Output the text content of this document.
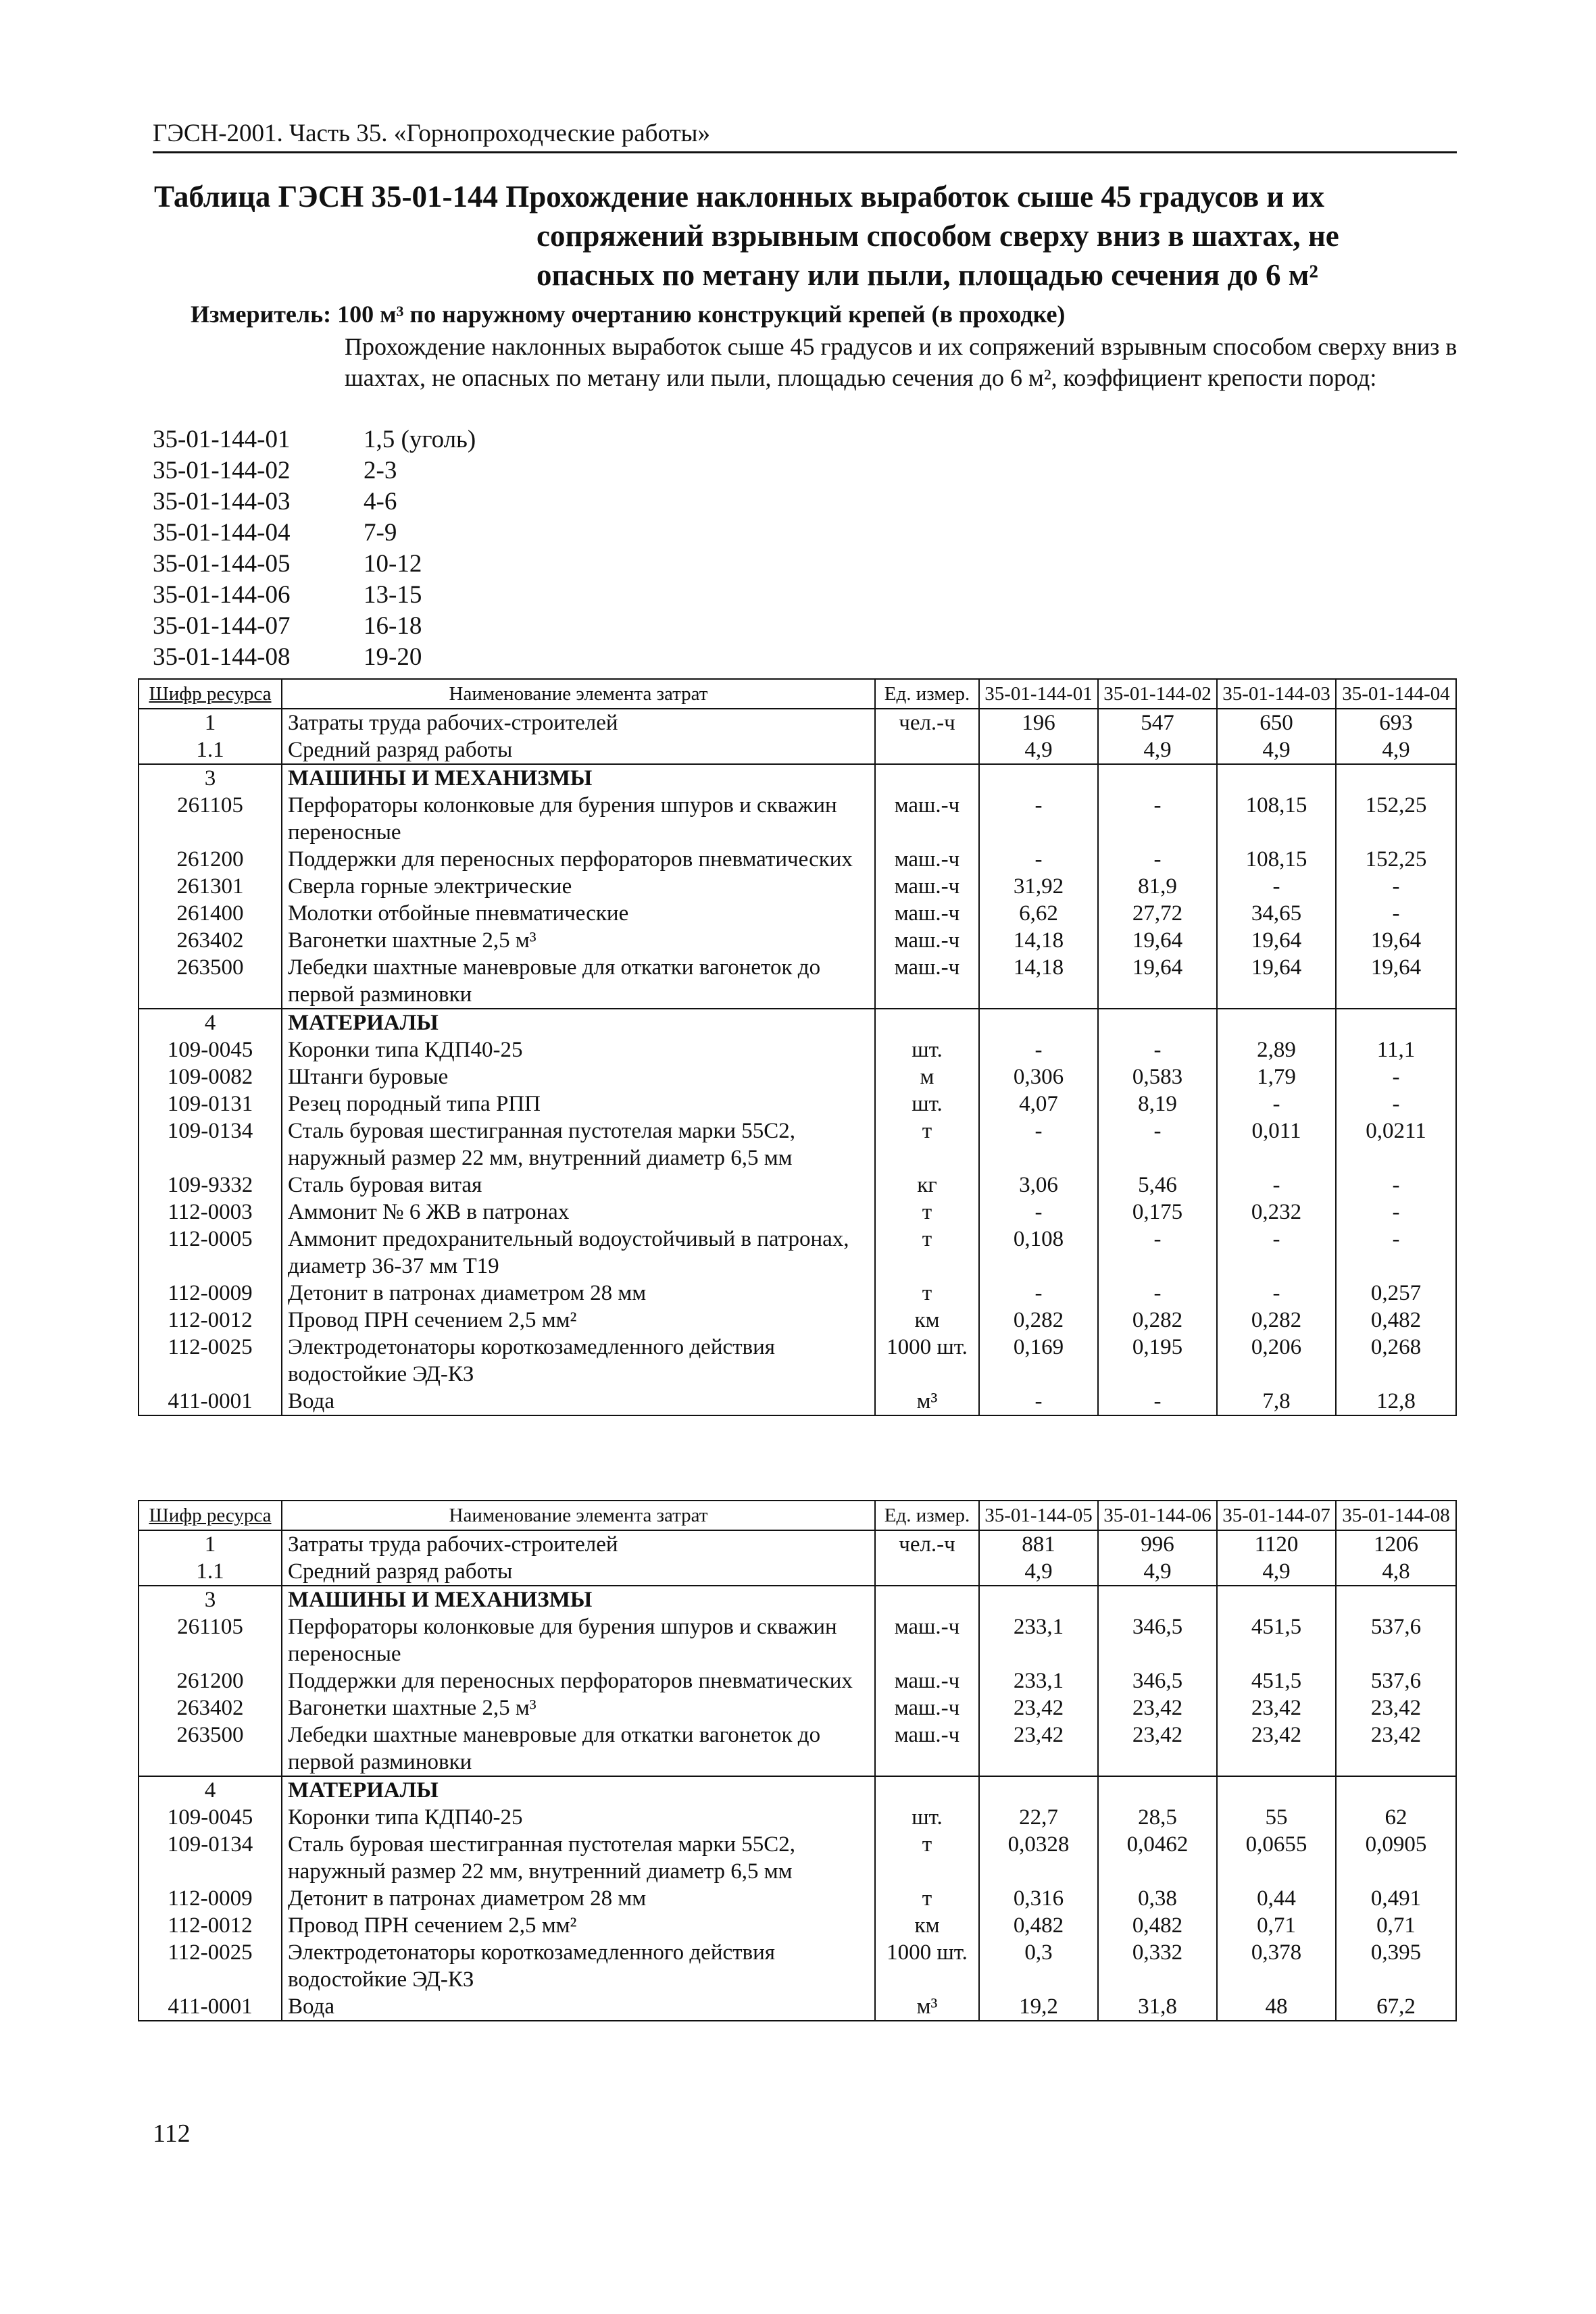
ГЭСН-2001. Часть 35. «Горнопроходческие работы»
Таблица ГЭСН 35-01-144 Прохождение наклонных выработок сыше 45 градусов и их
сопряжений взрывным способом сверху вниз в шахтах, не
опасных по метану или пыли, площадью сечения до 6 м²
Измеритель: 100 м³ по наружному очертанию конструкций крепей (в проходке)
Прохождение наклонных выработок сыше 45 градусов и их сопряжений взрывным способом сверху вниз в шахтах, не опасных по метану или пыли, площадью сечения до 6 м², коэффициент крепости пород:
35-01-144-01	1,5 (уголь)
35-01-144-02	2-3
35-01-144-03	4-6
35-01-144-04	7-9
35-01-144-05	10-12
35-01-144-06	13-15
35-01-144-07	16-18
35-01-144-08	19-20
Шифр ресурса	Наименование элемента затрат	Ед. измер.	35-01-144-01	35-01-144-02	35-01-144-03	35-01-144-04
1	Затраты труда рабочих-строителей	чел.-ч	196	547	650	693
1.1	Средний разряд работы		4,9	4,9	4,9	4,9
3	МАШИНЫ И МЕХАНИЗМЫ					
261105	Перфораторы колонковые для бурения шпуров и скважин переносные	маш.-ч	-	-	108,15	152,25
261200	Поддержки для переносных перфораторов пневматических	маш.-ч	-	-	108,15	152,25
261301	Сверла горные электрические	маш.-ч	31,92	81,9	-	-
261400	Молотки отбойные пневматические	маш.-ч	6,62	27,72	34,65	-
263402	Вагонетки шахтные 2,5 м³	маш.-ч	14,18	19,64	19,64	19,64
263500	Лебедки шахтные маневровые для откатки вагонеток до первой разминовки	маш.-ч	14,18	19,64	19,64	19,64
4	МАТЕРИАЛЫ					
109-0045	Коронки типа КДП40-25	шт.	-	-	2,89	11,1
109-0082	Штанги буровые	м	0,306	0,583	1,79	-
109-0131	Резец породный типа РПП	шт.	4,07	8,19	-	-
109-0134	Сталь буровая шестигранная пустотелая марки 55С2, наружный размер 22 мм, внутренний диаметр 6,5 мм	т	-	-	0,011	0,0211
109-9332	Сталь буровая витая	кг	3,06	5,46	-	-
112-0003	Аммонит № 6 ЖВ в патронах	т	-	0,175	0,232	-
112-0005	Аммонит предохранительный водоустойчивый в патронах, диаметр 36-37 мм Т19	т	0,108	-	-	-
112-0009	Детонит в патронах диаметром 28 мм	т	-	-	-	0,257
112-0012	Провод ПРН сечением 2,5 мм²	км	0,282	0,282	0,282	0,482
112-0025	Электродетонаторы короткозамедленного действия водостойкие ЭД-КЗ	1000 шт.	0,169	0,195	0,206	0,268
411-0001	Вода	м³	-	-	7,8	12,8
Шифр ресурса	Наименование элемента затрат	Ед. измер.	35-01-144-05	35-01-144-06	35-01-144-07	35-01-144-08
1	Затраты труда рабочих-строителей	чел.-ч	881	996	1120	1206
1.1	Средний разряд работы		4,9	4,9	4,9	4,8
3	МАШИНЫ И МЕХАНИЗМЫ					
261105	Перфораторы колонковые для бурения шпуров и скважин переносные	маш.-ч	233,1	346,5	451,5	537,6
261200	Поддержки для переносных перфораторов пневматических	маш.-ч	233,1	346,5	451,5	537,6
263402	Вагонетки шахтные 2,5 м³	маш.-ч	23,42	23,42	23,42	23,42
263500	Лебедки шахтные маневровые для откатки вагонеток до первой разминовки	маш.-ч	23,42	23,42	23,42	23,42
4	МАТЕРИАЛЫ					
109-0045	Коронки типа КДП40-25	шт.	22,7	28,5	55	62
109-0134	Сталь буровая шестигранная пустотелая марки 55С2, наружный размер 22 мм, внутренний диаметр 6,5 мм	т	0,0328	0,0462	0,0655	0,0905
112-0009	Детонит в патронах диаметром 28 мм	т	0,316	0,38	0,44	0,491
112-0012	Провод ПРН сечением 2,5 мм²	км	0,482	0,482	0,71	0,71
112-0025	Электродетонаторы короткозамедленного действия водостойкие ЭД-КЗ	1000 шт.	0,3	0,332	0,378	0,395
411-0001	Вода	м³	19,2	31,8	48	67,2
112
